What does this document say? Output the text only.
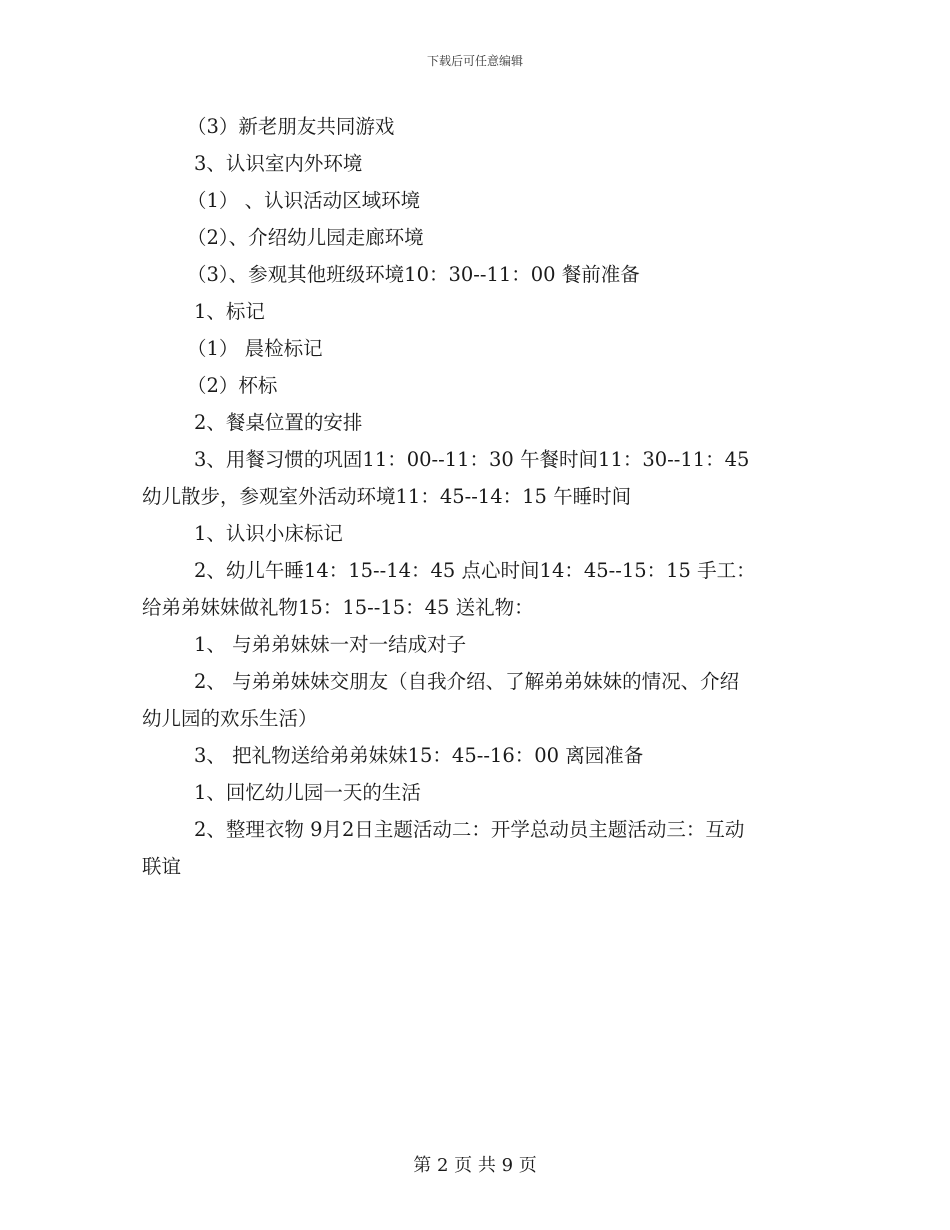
下载后可任意编辑
（3）新老朋友共同游戏
3、认识室内外环境
（1） 、认识活动区域环境
（2）、介绍幼儿园走廊环境
（3）、参观其他班级环境10：30--11：00 餐前准备
1、标记
（1） 晨检标记
（2）杯标
2、餐桌位置的安排
3、用餐习惯的巩固11：00--11：30 午餐时间11：30--11：45
幼儿散步，参观室外活动环境11：45--14：15 午睡时间
1、认识小床标记
2、幼儿午睡14：15--14：45 点心时间14：45--15：15 手工：
给弟弟妹妹做礼物15：15--15：45 送礼物：
1、 与弟弟妹妹一对一结成对子
2、 与弟弟妹妹交朋友（自我介绍、了解弟弟妹妹的情况、介绍
幼儿园的欢乐生活）
3、 把礼物送给弟弟妹妹15：45--16：00 离园准备
1、回忆幼儿园一天的生活
2、整理衣物 9月2日主题活动二：开学总动员主题活动三：互动
联谊
第 2 页 共 9 页
